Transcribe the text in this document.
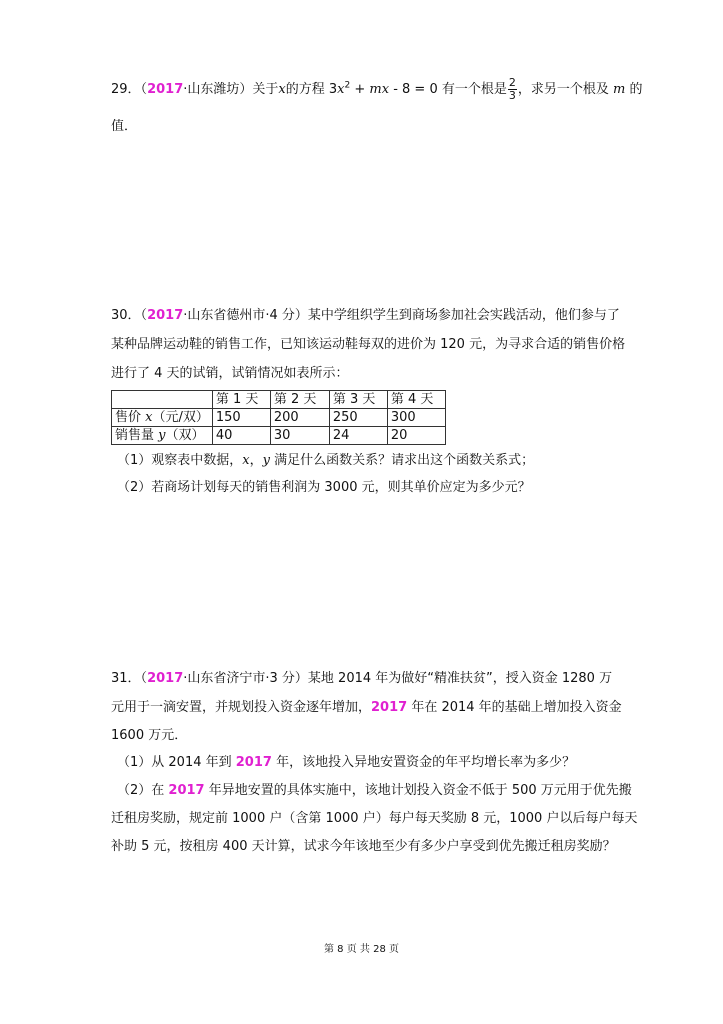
29．（2017·山东潍坊）关于x的方程 $3x^2$ + mx - 8 = 0 有一个根是 $\frac{2}{3}$ ，求另一个根及 m 的
值．
30．（2017·山东省德州市·4 分）某中学组织学生到商场参加社会实践活动，他们参与了
某种品牌运动鞋的销售工作，已知该运动鞋每双的进价为 120 元，为寻求合适的销售价格
进行了 4 天的试销，试销情况如表所示：
	第 1 天	第 2 天	第 3 天	第 4 天
售价 x（元/双）	150	200	250	300
销售量 y（双）	40	30	24	20
（1）观察表中数据，x，y 满足什么函数关系？请求出这个函数关系式；
（2）若商场计划每天的销售利润为 3000 元，则其单价应定为多少元？
31．（2017·山东省济宁市·3 分）某地 2014 年为做好“精准扶贫”，授入资金 1280 万
元用于一滴安置，并规划投入资金逐年增加，2017 年在 2014 年的基础上增加投入资金
1600 万元．
（1）从 2014 年到 2017 年，该地投入异地安置资金的年平均增长率为多少？
（2）在 2017 年异地安置的具体实施中，该地计划投入资金不低于 500 万元用于优先搬
迁租房奖励，规定前 1000 户（含第 1000 户）每户每天奖励 8 元，1000 户以后每户每天
补助 5 元，按租房 400 天计算，试求今年该地至少有多少户享受到优先搬迁租房奖励？
第 8 页 共 28 页
